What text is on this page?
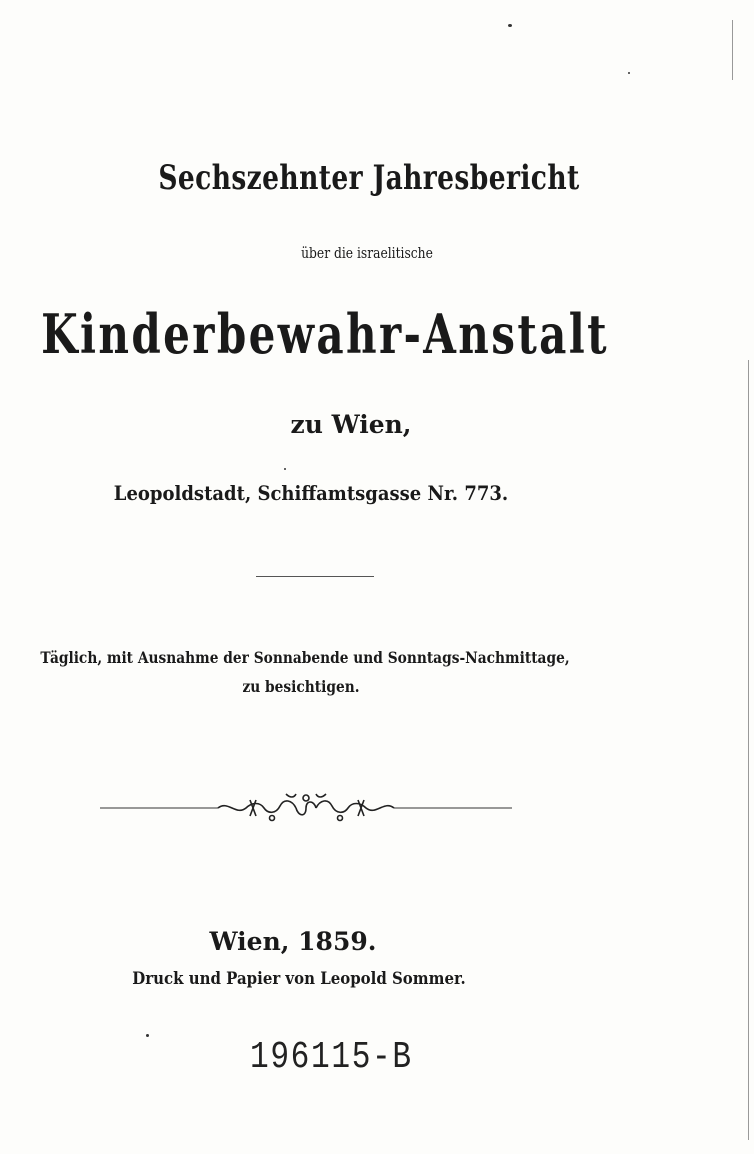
Sechszehnter Jahresbericht
über die israelitische
Kinderbewahr-Anstalt
zu Wien,
Leopoldstadt, Schiffamtsgasse Nr. 773.
Täglich, mit Ausnahme der Sonnabende und Sonntags-Nachmittage,
zu besichtigen.
Wien, 1859.
Druck und Papier von Leopold Sommer.
196115-B
